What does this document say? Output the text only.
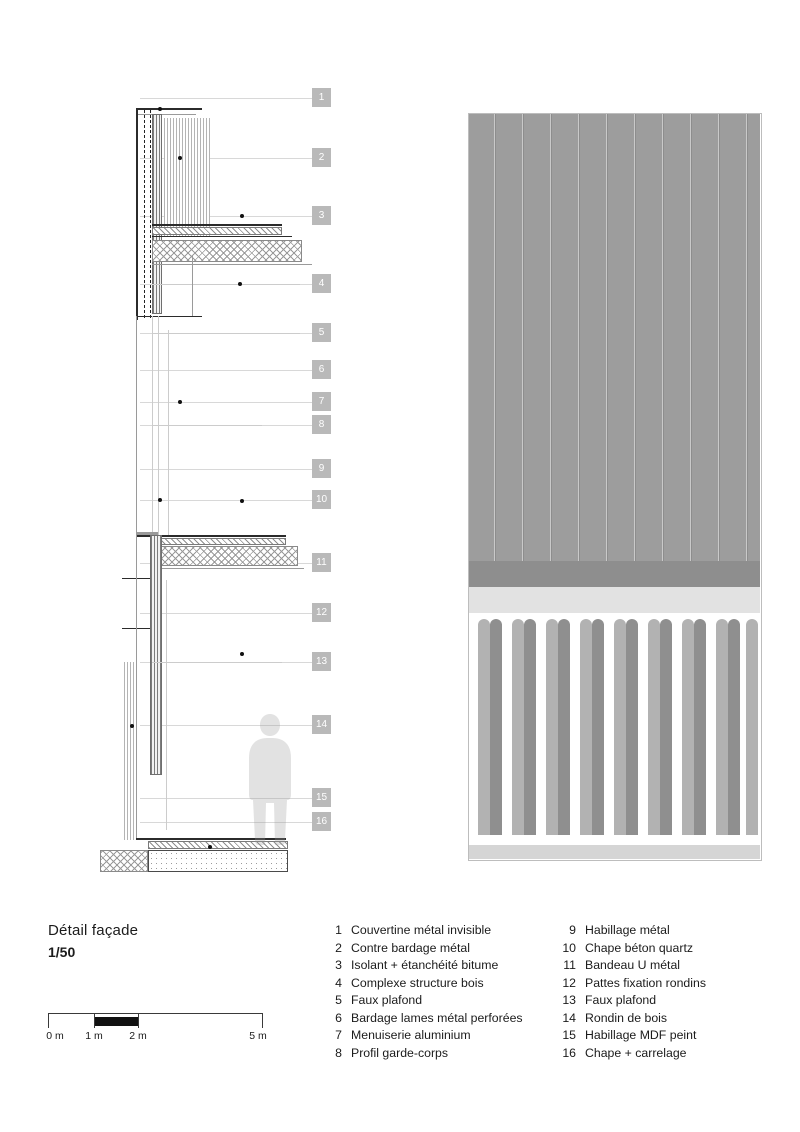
1
2
3
4
5
6
7
8
9
10
11
12
13
14
15
16
Détail façade
1/50
0 m 1 m	2 m	5 m
1 Couvertine métal invisible
2 Contre bardage métal
3 Isolant + étanchéité bitume
4 Complexe structure bois
5 Faux plafond
6 Bardage lames métal perforées
7 Menuiserie aluminium
8 Profil garde-corps
9 Habillage métal
10 Chape béton quartz
11 Bandeau U métal
12 Pattes fixation rondins
13 Faux plafond
14 Rondin de bois
15 Habillage MDF peint
16 Chape + carrelage
